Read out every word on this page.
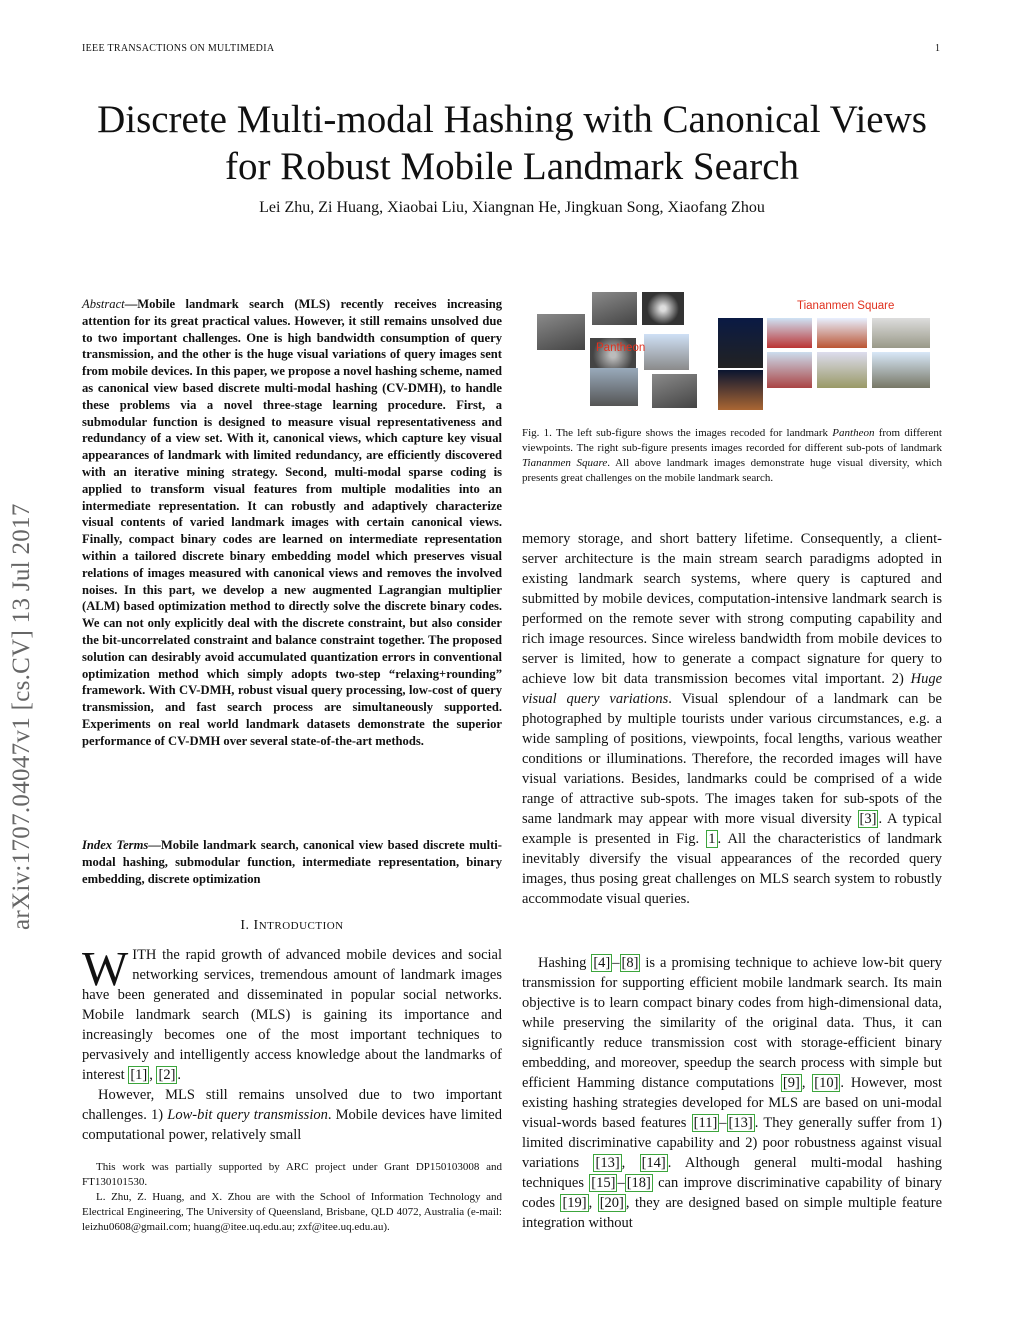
IEEE TRANSACTIONS ON MULTIMEDIA	1
arXiv:1707.04047v1 [cs.CV] 13 Jul 2017
Discrete Multi-modal Hashing with Canonical Views for Robust Mobile Landmark Search
Lei Zhu, Zi Huang, Xiaobai Liu, Xiangnan He, Jingkuan Song, Xiaofang Zhou
Abstract—Mobile landmark search (MLS) recently receives increasing attention for its great practical values. However, it still remains unsolved due to two important challenges. One is high bandwidth consumption of query transmission, and the other is the huge visual variations of query images sent from mobile devices. In this paper, we propose a novel hashing scheme, named as canonical view based discrete multi-modal hashing (CV-DMH), to handle these problems via a novel three-stage learning procedure. First, a submodular function is designed to measure visual representativeness and redundancy of a view set. With it, canonical views, which capture key visual appearances of landmark with limited redundancy, are efficiently discovered with an iterative mining strategy. Second, multi-modal sparse coding is applied to transform visual features from multiple modalities into an intermediate representation. It can robustly and adaptively characterize visual contents of varied landmark images with certain canonical views. Finally, compact binary codes are learned on intermediate representation within a tailored discrete binary embedding model which preserves visual relations of images measured with canonical views and removes the involved noises. In this part, we develop a new augmented Lagrangian multiplier (ALM) based optimization method to directly solve the discrete binary codes. We can not only explicitly deal with the discrete constraint, but also consider the bit-uncorrelated constraint and balance constraint together. The proposed solution can desirably avoid accumulated quantization errors in conventional optimization method which simply adopts two-step “relaxing+rounding” framework. With CV-DMH, robust visual query processing, low-cost of query transmission, and fast search process are simultaneously supported. Experiments on real world landmark datasets demonstrate the superior performance of CV-DMH over several state-of-the-art methods.
Index Terms—Mobile landmark search, canonical view based discrete multi-modal hashing, submodular function, intermediate representation, binary embedding, discrete optimization
I. INTRODUCTION
WITH the rapid growth of advanced mobile devices and social networking services, tremendous amount of landmark images have been generated and disseminated in popular social networks. Mobile landmark search (MLS) is gaining its importance and increasingly becomes one of the most important techniques to pervasively and intelligently access knowledge about the landmarks of interest [1] , [2] .
However, MLS still remains unsolved due to two important challenges. 1) Low-bit query transmission. Mobile devices have limited computational power, relatively small

This work was partially supported by ARC project under Grant DP150103008 and FT130101530.

L. Zhu, Z. Huang, and X. Zhou are with the School of Information Technology and Electrical Engineering, The University of Queensland, Brisbane, QLD 4072, Australia (e-mail: leizhu0608@gmail.com; huang@itee.uq.edu.au; zxf@itee.uq.edu.au).

Pantheon
Tiananmen Square
Fig. 1. The left sub-figure shows the images recoded for landmark Pantheon from different viewpoints. The right sub-figure presents images recorded for different sub-pots of landmark Tiananmen Square. All above landmark images demonstrate huge visual diversity, which presents great challenges on the mobile landmark search.
memory storage, and short battery lifetime. Consequently, a client-server architecture is the main stream search paradigms adopted in existing landmark search systems, where query is captured and submitted by mobile devices, computation-intensive landmark search is performed on the remote sever with strong computing capability and rich image resources. Since wireless bandwidth from mobile devices to server is limited, how to generate a compact signature for query to achieve low bit data transmission becomes vital important. 2) Huge visual query variations. Visual splendour of a landmark can be photographed by multiple tourists under various circumstances, e.g. a wide sampling of positions, viewpoints, focal lengths, various weather conditions or illuminations. Therefore, the recorded images will have visual variations. Besides, landmarks could be comprised of a wide range of attractive sub-spots. The images taken for sub-spots of the same landmark may appear with more visual diversity [3] . A typical example is presented in Fig. 1 . All the characteristics of landmark inevitably diversify the visual appearances of the recorded query images, thus posing great challenges on MLS search system to robustly accommodate visual queries.
Hashing [4] – [8] is a promising technique to achieve low-bit query transmission for supporting efficient mobile landmark search. Its main objective is to learn compact binary codes from high-dimensional data, while preserving the similarity of the original data. Thus, it can significantly reduce transmission cost with storage-efficient binary embedding, and moreover, speedup the search process with simple but efficient Hamming distance computations [9] , [10] . However, most existing hashing strategies developed for MLS are based on uni-modal visual-words based features [11] – [13] . They generally suffer from 1) limited discriminative capability and 2) poor robustness against visual variations [13] , [14] . Although general multi-modal hashing techniques [15] – [18] can improve discriminative capability of binary codes [19] , [20] , they are designed based on simple multiple feature integration without
